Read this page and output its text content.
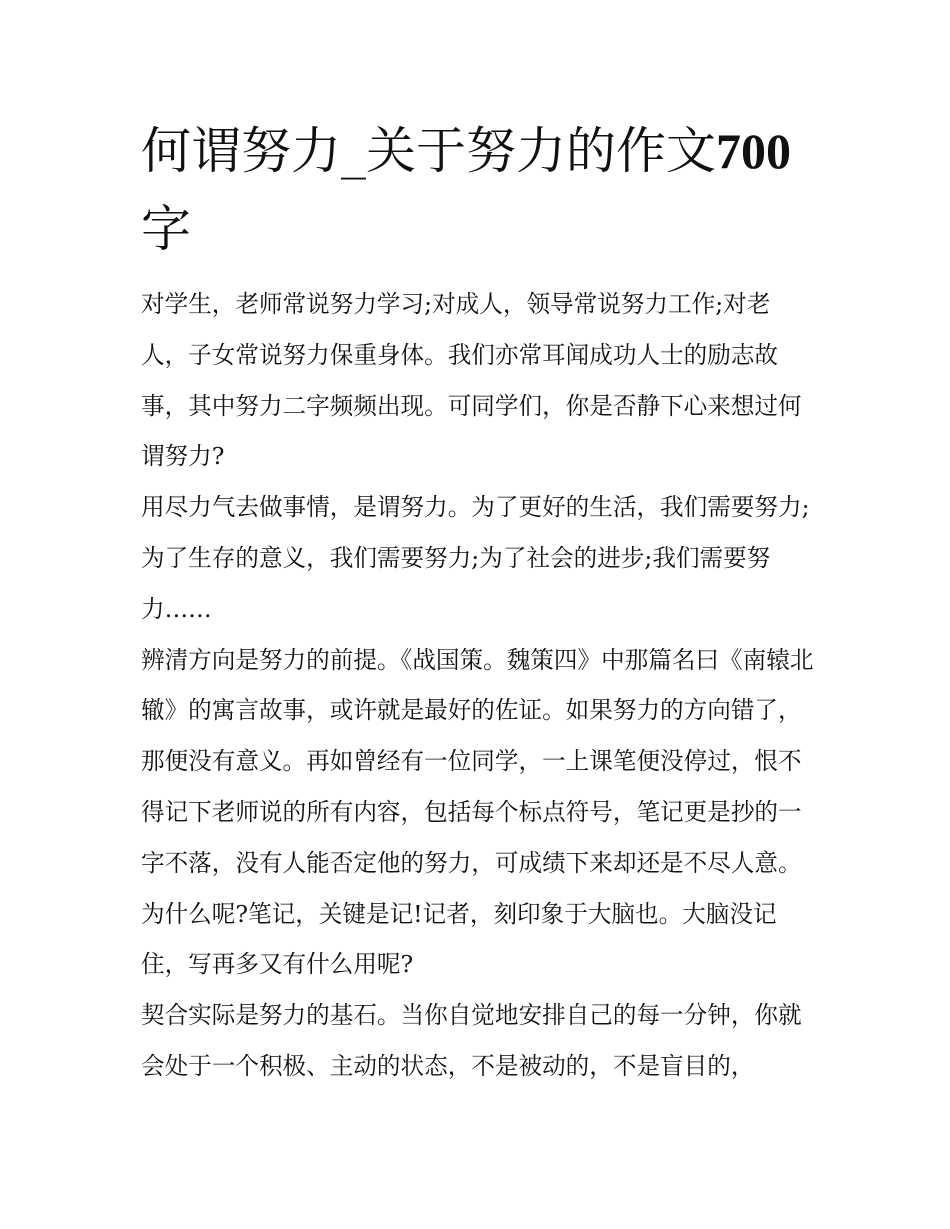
何谓努力_关于努力的作文700字

对学生，老师常说努力学习;对成人，领导常说努力工作;对老人，子女常说努力保重身体。我们亦常耳闻成功人士的励志故事，其中努力二字频频出现。可同学们，你是否静下心来想过何谓努力?

用尽力气去做事情，是谓努力。为了更好的生活，我们需要努力;为了生存的意义，我们需要努力;为了社会的进步;我们需要努力……

辨清方向是努力的前提。《战国策。魏策四》中那篇名曰《南辕北辙》的寓言故事，或许就是最好的佐证。如果努力的方向错了，那便没有意义。再如曾经有一位同学，一上课笔便没停过，恨不得记下老师说的所有内容，包括每个标点符号，笔记更是抄的一字不落，没有人能否定他的努力，可成绩下来却还是不尽人意。为什么呢?笔记，关键是记!记者，刻印象于大脑也。大脑没记住，写再多又有什么用呢?

契合实际是努力的基石。当你自觉地安排自己的每一分钟，你就会处于一个积极、主动的状态，不是被动的，不是盲目的，
